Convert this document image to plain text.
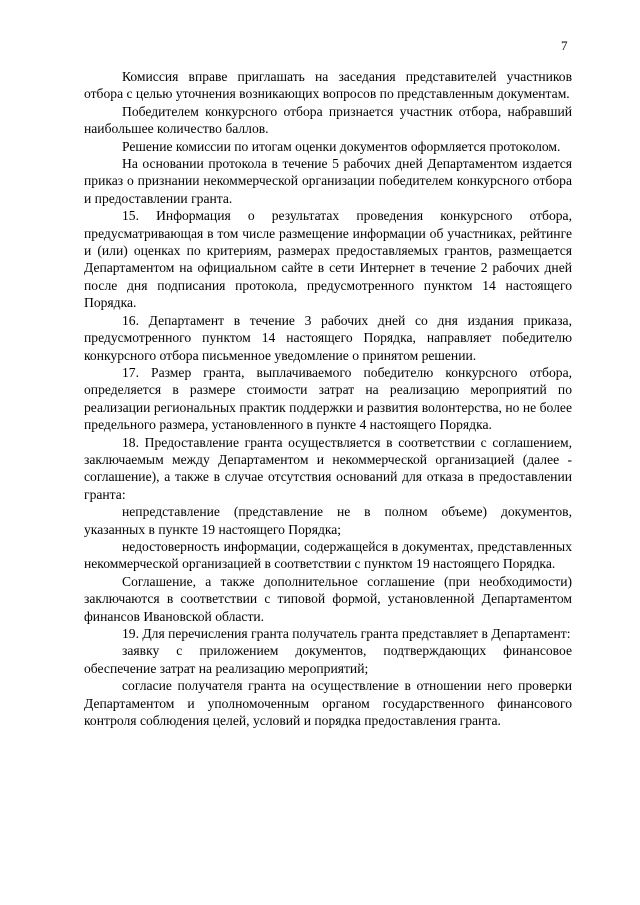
7

Комиссия вправе приглашать на заседания представителей участников отбора с целью уточнения возникающих вопросов по представленным документам.

Победителем конкурсного отбора признается участник отбора, набравший наибольшее количество баллов.

Решение комиссии по итогам оценки документов оформляется протоколом.

На основании протокола в течение 5 рабочих дней Департаментом издается приказ о признании некоммерческой организации победителем конкурсного отбора и предоставлении гранта.

15. Информация о результатах проведения конкурсного отбора, предусматривающая в том числе размещение информации об участниках, рейтинге и (или) оценках по критериям, размерах предоставляемых грантов, размещается Департаментом на официальном сайте в сети Интернет в течение 2 рабочих дней после дня подписания протокола, предусмотренного пунктом 14 настоящего Порядка.

16. Департамент в течение 3 рабочих дней со дня издания приказа, предусмотренного пунктом 14 настоящего Порядка, направляет победителю конкурсного отбора письменное уведомление о принятом решении.

17. Размер гранта, выплачиваемого победителю конкурсного отбора, определяется в размере стоимости затрат на реализацию мероприятий по реализации региональных практик поддержки и развития волонтерства, но не более предельного размера, установленного в пункте 4 настоящего Порядка.

18. Предоставление гранта осуществляется в соответствии с соглашением, заключаемым между Департаментом и некоммерческой организацией (далее - соглашение), а также в случае отсутствия оснований для отказа в предоставлении гранта:

непредставление (представление не в полном объеме) документов, указанных в пункте 19 настоящего Порядка;

недостоверность информации, содержащейся в документах, представленных некоммерческой организацией в соответствии с пунктом 19 настоящего Порядка.

Соглашение, а также дополнительное соглашение (при необходимости) заключаются в соответствии с типовой формой, установленной Департаментом финансов Ивановской области.

19. Для перечисления гранта получатель гранта представляет в Департамент:

заявку с приложением документов, подтверждающих финансовое обеспечение затрат на реализацию мероприятий;

согласие получателя гранта на осуществление в отношении него проверки Департаментом и уполномоченным органом государственного финансового контроля соблюдения целей, условий и порядка предоставления гранта.
